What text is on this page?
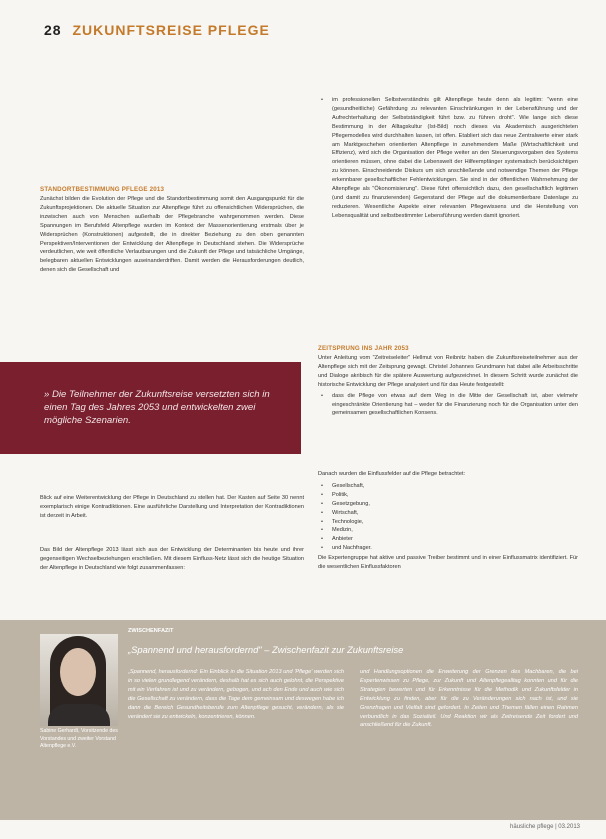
28 ZUKUNFTSREISE PFLEGE

STANDORTBESTIMMUNG PFLEGE 2013

Zunächst bilden die Evolution der Pflege und die Standortbestimmung somit den Ausgangspunkt für die Zukunftsprojektionen. Die aktuelle Situation zur Altenpflege führt zu offensichtlichen Widersprüchen, die inzwischen auch von Menschen außerhalb der Pflegebranche wahrgenommen werden. Diese Spannungen im Berufsfeld Altenpflege wurden im Kontext der Massenorientierung erstmals über je Widersprüchen (Konstruktionen) aufgestellt, die in direkter Beziehung zu den oben genannten Perspektiven/Interventionen der Entwicklung der Altenpflege in Deutschland stehen. Die Widersprüche verdeutlichen, wie weit öffentliche Verlautbarungen und die Zukunft der Pflege und tatsächliche Umgänge, belegbaren aktuellen Entwicklungen auseinanderdriften. Damit werden die Herausforderungen deutlich, denen sich die Gesellschaft und

» Die Teilnehmer der Zukunftsreise versetzten sich in einen Tag des Jahres 2053 und entwickelten zwei mögliche Szenarien.

Blick auf eine Weiterentwicklung der Pflege in Deutschland zu stellen hat. Der Kasten auf Seite 30 nennt exemplarisch einige Kontradiktionen. Eine ausführliche Darstellung und Interpretation der Kontradiktionen ist derzeit in Arbeit.

Das Bild der Altenpflege 2013 lässt sich aus der Entwicklung der Determinanten bis heute und ihrer gegenseitigen Wechselbeziehungen erschließen. Mit diesem Einfluss-Netz lässt sich die heutige Situation der Altenpflege in Deutschland wie folgt zusammenfassen:

• im professionellen Selbstverständnis gilt Altenpflege heute denn als legitim: "wenn eine (gesundheitliche) Gefährdung zu relevanten Einschränkungen in der Lebensführung und der Aufrechterhaltung der Selbstständigkeit führt bzw. zu führen droht". Wie lange sich diese Bestimmung in der Alltagskultur (Ist-Bild) noch dieses via Akademisch ausgerichteten Pflegemodelles wird durchhalten lassen, ist offen. Etabliert sich das neue Zentralwerte einer stark am Marktgeschehen orientierten Altenpflege in zunehmendem Maße (Wirtschaftlichkeit und Effizienz), wird sich die Organisation der Pflege weiter an den Steuerungsvorgaben des Systems orientieren müssen, ohne dabei die Lebenswelt der Hilfeempfänger systematisch berücksichtigen zu können. Einschneidende Diskurs um sich anschließende und notwendige Themen der Pflege erkennbarer gesellschaftlicher Fehlentwicklungen. Sie sind in der öffentlichen Wahrnehmung der Altenpflege als "Ökonomisierung". Diese führt offensichtlich dazu, den gesellschaftlich legitimen (und damit zu finanzierenden) Gegenstand der Pflege auf die dokumentierbare Datenlage zu reduzieren. Wesentliche Aspekte einer relevanten Pflegewissens und die Herstellung von Lebensqualität und selbstbestimmter Lebensführung werden damit ignoriert.

ZEITSPRUNG INS JAHR 2053

Unter Anleitung vom "Zeitreiseleiter" Hellmut von Reibnitz haben die Zukunftsreiseteilnehmer aus der Altenpflege sich mit der Zeitsprung gewagt. Christel Johannes Grundmann hat dabei alle Arbeitsschritte und Dialoge akribisch für die spätere Auswertung aufgezeichnet. In diesem Schritt wurde zunächst die historische Entwicklung der Pflege analysiert und für das Heute festgestellt:

• dass die Pflege von etwas auf dem Weg in die Mitte der Gesellschaft ist, aber vielmehr eingeschränkte Orientierung hat – weder für die Finanzierung noch für die Organisation unter den gemeinsamen gesellschaftlichen Konsens.

Danach wurden die Einflussfelder auf die Pflege betrachtet:

• Gesellschaft,
• Politik,
• Gesetzgebung,
• Wirtschaft,
• Technologie,
• Medizin,
• Anbieter
• und Nachfrager.

Die Expertengruppe hat aktive und passive Treiber bestimmt und in einer Einflussmatrix identifiziert. Für die wesentlichen Einflussfaktoren

Sabine Gerhardt, Vorsitzende des Vorstandes und zweiter Vorstand Altenpflege e.V.
ZWISCHENFAZIT
„Spannend und herausfordernd" – Zwischenfazit zur Zukunftsreise
„Spannend, herausfordernd: Ein Einblick in die Situation 2013 und 'Pflege' werden sich in so vielen grundlegend verändern, deshalb hat es sich auch gelohnt, die Perspektive mit ein Verfahren ist und zu verändern, gebogen, und ach den Ende und auch wie sich die Gesellschaft zu verändern, dass die Tage dem gemeinsam und deswegen habe ich dann die Bereich Gesundheitsberufe zum Altenpflege gesucht, verändern, als sie verändert sie zu entwickeln, konzentrieren, können.
und Handlungsoptionen die Erweiterung der Grenzen des Machbaren, die bei Expertenwissen zu Pflege, zur Zukunft und Altenpflegealltag konnten und für die Strategien bewerten und für Erkenntnisse für die Methodik und Zukunftsfelder in Entwicklung zu finden, aber für die zu Veränderungen sich nach ist, und sie Grenzfragen und Vielfalt sind gefordert. In Zeiten und Themen fällen einen Rahmen verbundlich in das Sozialteil. Und Reaktion wir als Zeitreisende Zeit fordert und anschließend für die Zukunft.
häusliche pflege | 03.2013
